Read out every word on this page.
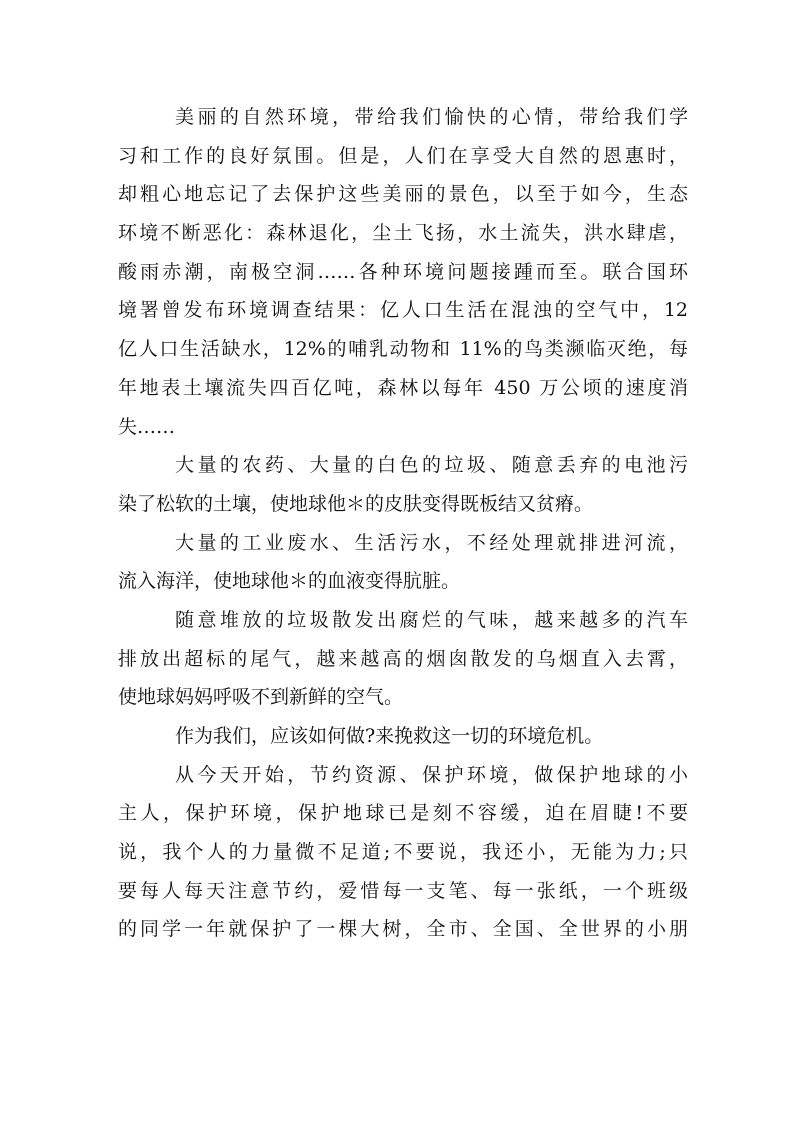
美丽的自然环境，带给我们愉快的心情，带给我们学
习和工作的良好氛围。但是，人们在享受大自然的恩惠时，
却粗心地忘记了去保护这些美丽的景色，以至于如今，生态
环境不断恶化：森林退化，尘土飞扬，水土流失，洪水肆虐，
酸雨赤潮，南极空洞……各种环境问题接踵而至。联合国环
境署曾发布环境调查结果：亿人口生活在混浊的空气中，12
亿人口生活缺水，12%的哺乳动物和 11%的鸟类濒临灭绝，每
年地表土壤流失四百亿吨，森林以每年 450 万公顷的速度消
失……
大量的农药、大量的白色的垃圾、随意丢弃的电池污
染了松软的土壤，使地球他＊的皮肤变得既板结又贫瘠。
大量的工业废水、生活污水，不经处理就排进河流，
流入海洋，使地球他＊的血液变得肮脏。
随意堆放的垃圾散发出腐烂的气味，越来越多的汽车
排放出超标的尾气，越来越高的烟囱散发的乌烟直入去霄，
使地球妈妈呼吸不到新鲜的空气。
作为我们，应该如何做?来挽救这一切的环境危机。
从今天开始，节约资源、保护环境，做保护地球的小
主人，保护环境，保护地球已是刻不容缓，迫在眉睫!不要
说，我个人的力量微不足道;不要说，我还小，无能为力;只
要每人每天注意节约，爱惜每一支笔、每一张纸，一个班级
的同学一年就保护了一棵大树，全市、全国、全世界的小朋
